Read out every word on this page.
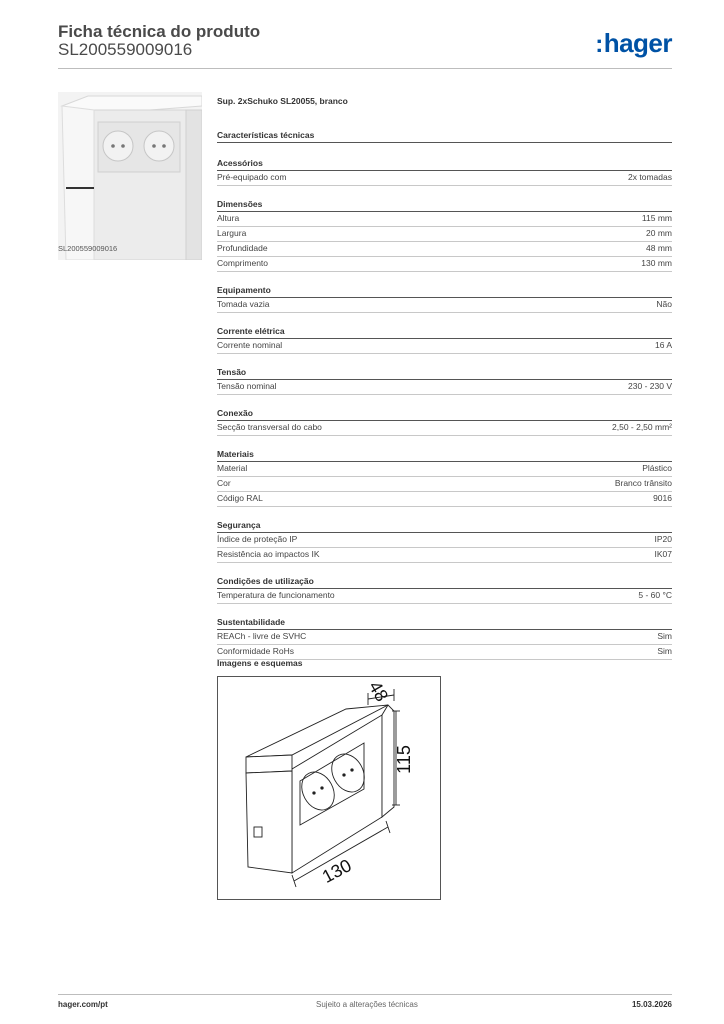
Ficha técnica do produto
SL200559009016	:hager
SL200559009016
Sup. 2xSchuko SL20055, branco
Características técnicas
Acessórios
Pré-equipado com	2x tomadas
Dimensões
Altura	115 mm
Largura	20 mm
Profundidade	48 mm
Comprimento	130 mm
Equipamento
Tomada vazia	Não
Corrente elétrica
Corrente nominal	16 A
Tensão
Tensão nominal	230 - 230 V
Conexão
Secção transversal do cabo	2,50 - 2,50 mm²
Materiais
Material	Plástico
Cor	Branco trânsito
Código RAL	9016
Segurança
Índice de proteção IP	IP20
Resistência ao impactos IK	IK07
Condições de utilização
Temperatura de funcionamento	5 - 60 °C
Sustentabilidade
REACh - livre de SVHC	Sim
Conformidade RoHs	Sim
Imagens e esquemas
48
115
130
hager.com/pt	Sujeito a alterações técnicas	15.03.2026
